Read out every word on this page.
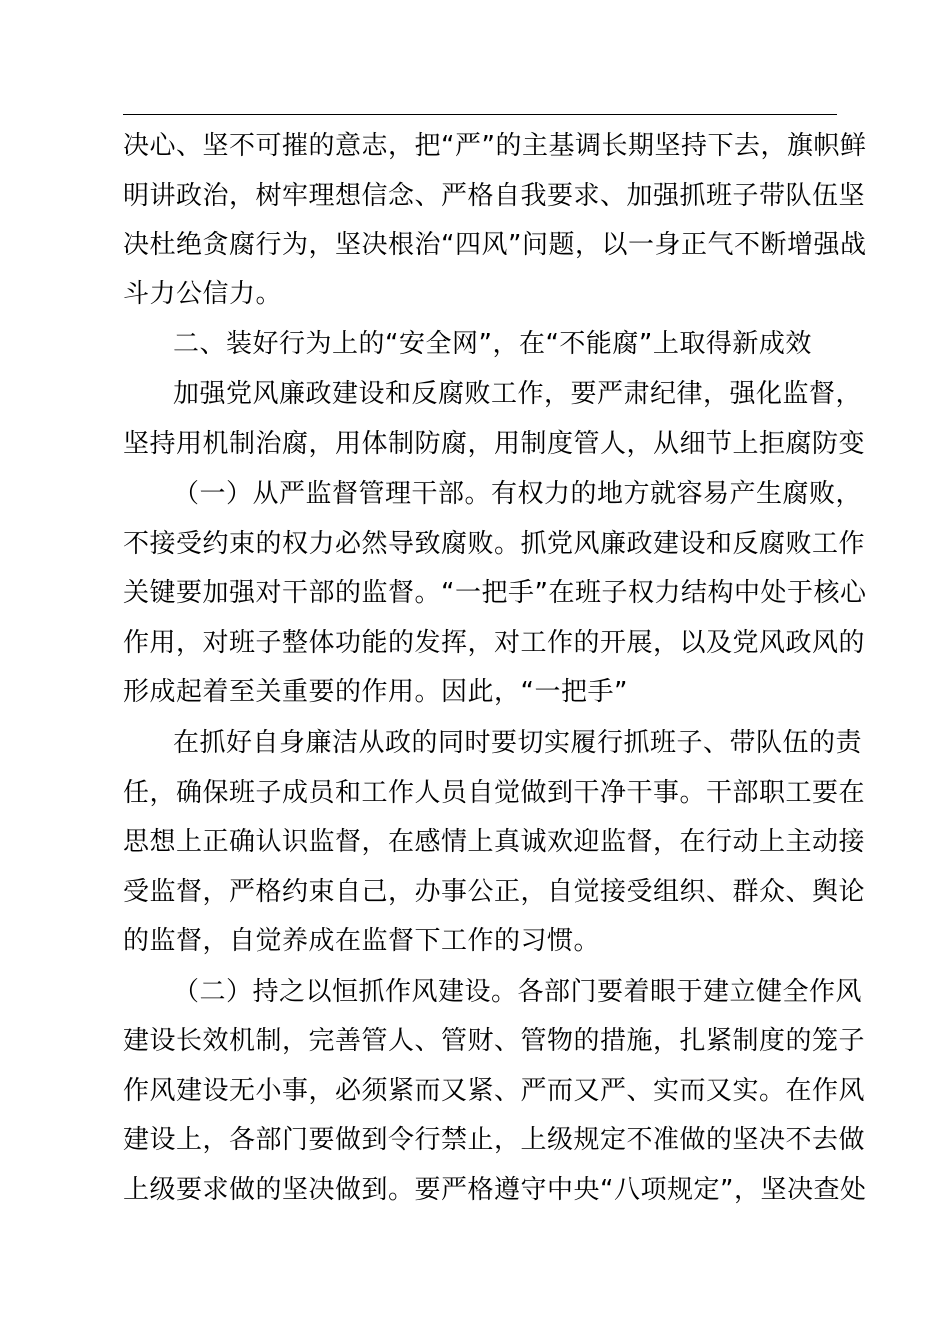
决心、坚不可摧的意志，把“严”的主基调长期坚持下去，旗帜鲜
明讲政治，树牢理想信念、严格自我要求、加强抓班子带队伍坚
决杜绝贪腐行为，坚决根治“四风”问题，以一身正气不断增强战
斗力公信力。
二、装好行为上的“安全网”，在“不能腐”上取得新成效
加强党风廉政建设和反腐败工作，要严肃纪律，强化监督，
坚持用机制治腐，用体制防腐，用制度管人，从细节上拒腐防变
（一）从严监督管理干部。有权力的地方就容易产生腐败，
不接受约束的权力必然导致腐败。抓党风廉政建设和反腐败工作
关键要加强对干部的监督。“一把手”在班子权力结构中处于核心
作用，对班子整体功能的发挥，对工作的开展，以及党风政风的
形成起着至关重要的作用。因此，“一把手”
在抓好自身廉洁从政的同时要切实履行抓班子、带队伍的责
任，确保班子成员和工作人员自觉做到干净干事。干部职工要在
思想上正确认识监督，在感情上真诚欢迎监督，在行动上主动接
受监督，严格约束自己，办事公正，自觉接受组织、群众、舆论
的监督，自觉养成在监督下工作的习惯。
（二）持之以恒抓作风建设。各部门要着眼于建立健全作风
建设长效机制，完善管人、管财、管物的措施，扎紧制度的笼子
作风建设无小事，必须紧而又紧、严而又严、实而又实。在作风
建设上，各部门要做到令行禁止，上级规定不准做的坚决不去做
上级要求做的坚决做到。要严格遵守中央“八项规定”，坚决查处
